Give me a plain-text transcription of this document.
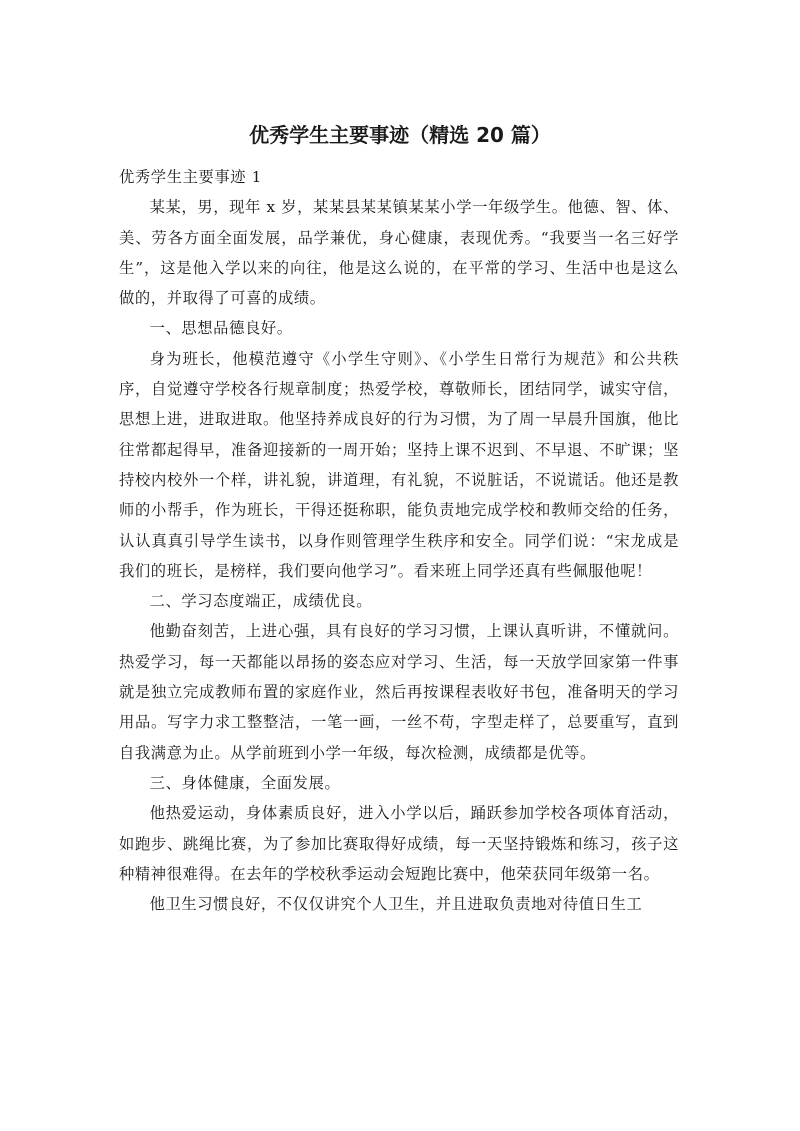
优秀学生主要事迹（精选 20 篇）

优秀学生主要事迹 1

某某，男，现年 x 岁，某某县某某镇某某小学一年级学生。他德、智、体、美、劳各方面全面发展，品学兼优，身心健康，表现优秀。“我要当一名三好学生”，这是他入学以来的向往，他是这么说的，在平常的学习、生活中也是这么做的，并取得了可喜的成绩。

一、思想品德良好。

身为班长，他模范遵守《小学生守则》、《小学生日常行为规范》和公共秩序，自觉遵守学校各行规章制度；热爱学校，尊敬师长，团结同学，诚实守信，思想上进，进取进取。他坚持养成良好的行为习惯，为了周一早晨升国旗，他比往常都起得早，准备迎接新的一周开始；坚持上课不迟到、不早退、不旷课；坚持校内校外一个样，讲礼貌，讲道理，有礼貌，不说脏话，不说谎话。他还是教师的小帮手，作为班长，干得还挺称职，能负责地完成学校和教师交给的任务，认认真真引导学生读书，以身作则管理学生秩序和安全。同学们说：“宋龙成是我们的班长，是榜样，我们要向他学习”。看来班上同学还真有些佩服他呢！

二、学习态度端正，成绩优良。

他勤奋刻苦，上进心强，具有良好的学习习惯，上课认真听讲，不懂就问。热爱学习，每一天都能以昂扬的姿态应对学习、生活，每一天放学回家第一件事就是独立完成教师布置的家庭作业，然后再按课程表收好书包，准备明天的学习用品。写字力求工整整洁，一笔一画，一丝不苟，字型走样了，总要重写，直到自我满意为止。从学前班到小学一年级，每次检测，成绩都是优等。

三、身体健康，全面发展。

他热爱运动，身体素质良好，进入小学以后，踊跃参加学校各项体育活动，如跑步、跳绳比赛，为了参加比赛取得好成绩，每一天坚持锻炼和练习，孩子这种精神很难得。在去年的学校秋季运动会短跑比赛中，他荣获同年级第一名。

他卫生习惯良好，不仅仅讲究个人卫生，并且进取负责地对待值日生工
